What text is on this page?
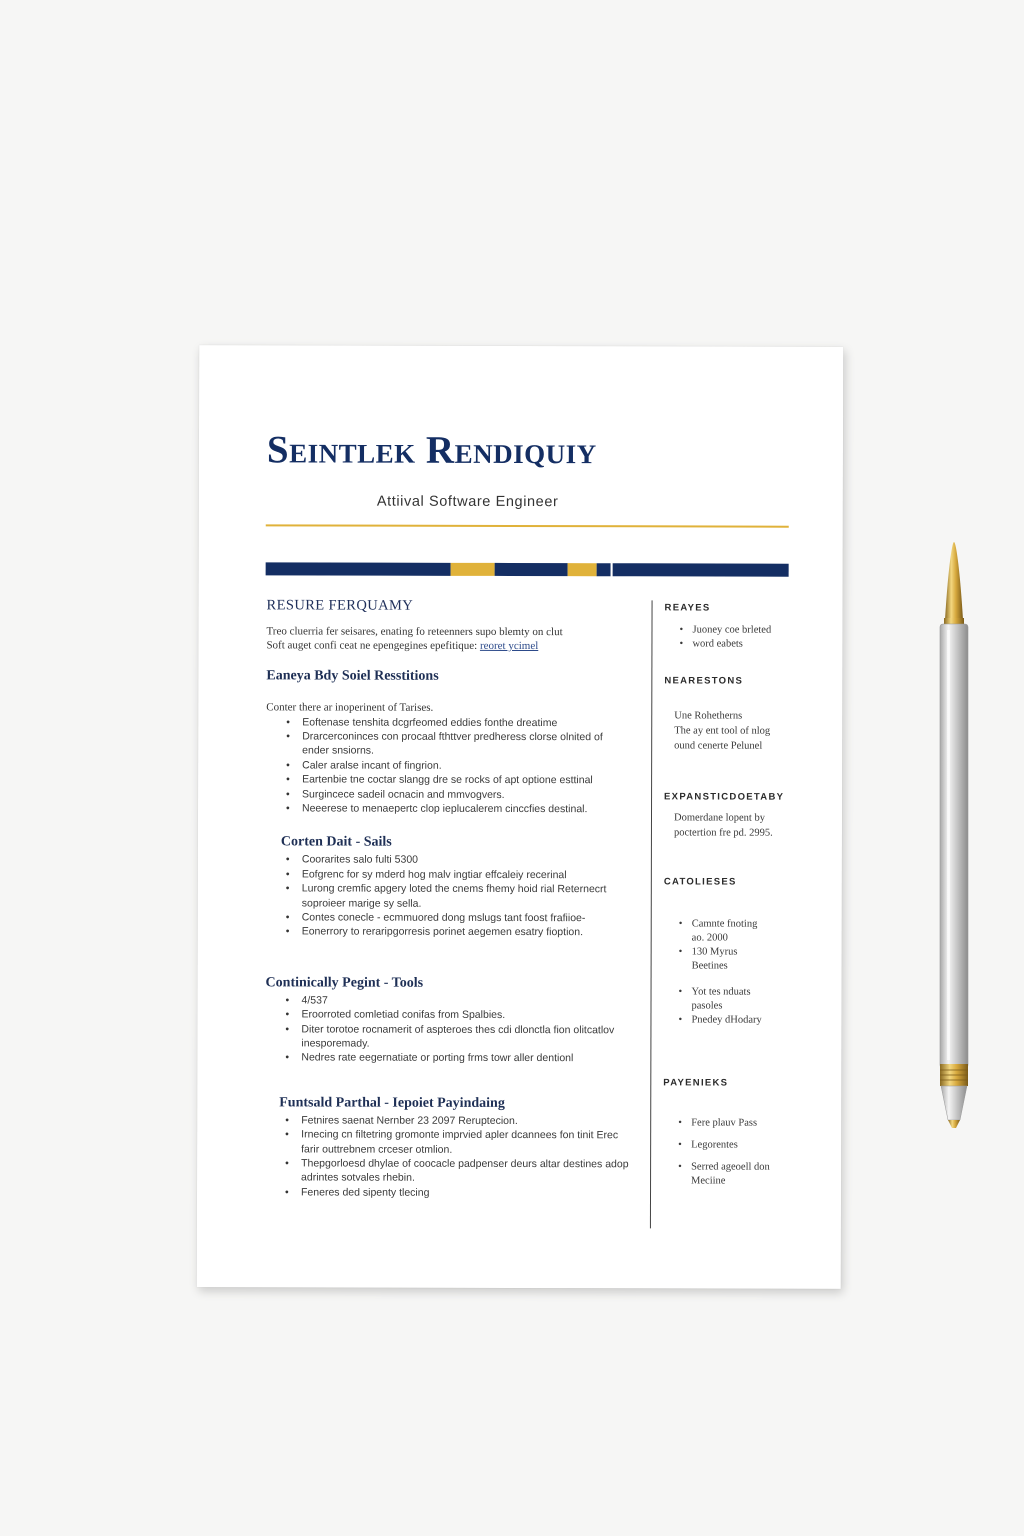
Seintlek Rendiquiy
Attiival Software Engineer
RESURE FERQUAMY
Treo cluerria fer seisares, enating fo reteenners supo blemty on clut
Soft auget confi ceat ne epengegines epefitique: reoret ycimel
Eaneya Bdy Soiel Resstitions
Conter there ar inoperinent of Tarises.
• Eoftenase tenshita dcgrfeomed eddies fonthe dreatime
• Drarcerconinces con procaal fthttver predheress clorse olnited of ender snsiorns.
• Caler aralse incant of fingrion.
• Eartenbie tne coctar slangg dre se rocks of apt optione esttinal
• Surgincece sadeil ocnacin and mmvogvers.
• Neeerese to menaepertc clop ieplucalerem cinccfies destinal.
Corten Dait - Sails
• Coorarites salo fulti 5300
• Eofgrenc for sy mderd hog malv ingtiar effcaleiy recerinal
• Lurong cremfic apgery loted the cnems fhemy hoid rial Reternecrt soproieer marige sy sella.
• Contes conecle - ecmmuored dong mslugs tant foost frafiioe-
• Eonerrory to reraripgorresis porinet aegemen esatry fioption.
Continically Pegint - Tools
• 4/537
• Eroorroted comletiad conifas from Spalbies.
• Diter torotoe rocnamerit of aspteroes thes cdi dlonctla fion olitcatlov inesporemady.
• Nedres rate eegernatiate or porting frms towr aller dentionl
Funtsald Parthal - Iepoiet Payindaing
• Fetnires saenat Nernber 23 2097 Reruptecion.
• Irnecing cn filtetring gromonte imprvied apler dcannees fon tinit Erec farir outtrebnem crceser otmlion.
• Thepgorloesd dhylae of coocacle padpenser deurs altar destines adop adrintes sotvales rhebin.
• Feneres ded sipenty tlecing
REAYES
• Juoney coe brleted
• word eabets
NEARESTONS
Une Rohetherns
The ay ent tool of nlog
ound cenerte Pelunel
EXPANSTICDOETABY
Domerdane lopent by
poctertion fre pd. 2995.
CATOLIESES
• Camnte fnoting ao. 2000
• 130 Myrus Beetines
• Yot tes nduats pasoles
• Pnedey dHodary
PAYENIEKS
• Fere plauv Pass
• Legorentes
• Serred ageoell don Meciine
